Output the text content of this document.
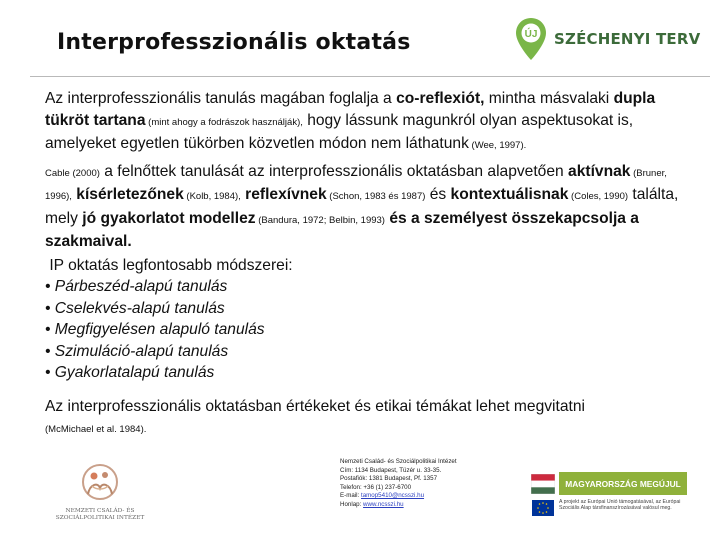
Interprofesszionális oktatás	ÚJ SZÉCHENYI TERV

Az interprofesszionális tanulás magában foglalja a co-reflexiót, mintha másvalaki dupla tükröt tartana (mint ahogy a fodrászok használják), hogy lássunk magunkról olyan aspektusokat is, amelyeket egyetlen tükörben közvetlen módon nem láthatunk (Wee, 1997).

Cable (2000) a felnőttek tanulását az interprofesszionális oktatásban alapvetően aktívnak (Bruner, 1996), kísérletezőnek (Kolb, 1984), reflexívnek (Schon, 1983 és 1987) és kontextuálisnak (Coles, 1990) találta, mely jó gyakorlatot modellez (Bandura, 1972; Belbin, 1993) és a személyest összekapcsolja a szakmaival.

IP oktatás legfontosabb módszerei:
• Párbeszéd-alapú tanulás
• Cselekvés-alapú tanulás
• Megfigyelésen alapuló tanulás
• Szimuláció-alapú tanulás
• Gyakorlatalapú tanulás

Az interprofesszionális oktatásban értékeket és etikai témákat lehet megvitatni
(McMichael et al. 1984).

NEMZETI CSALÁD- ÉS
SZOCIÁLPOLITIKAI INTÉZET
Nemzeti Család- és Szociálpolitikai Intézet
Cím: 1134 Budapest, Tüzér u. 33-35.
Postafiók: 1381 Budapest, Pf. 1357
Telefon: +36 (1) 237-6700
E-mail: tamop5410@ncsszi.hu
Honlap: www.ncsszi.hu
MAGYARORSZÁG MEGÚJUL
A projekt az Európai Unió támogatásával, az Európai Szociális Alap társfinanszírozásával valósul meg.
